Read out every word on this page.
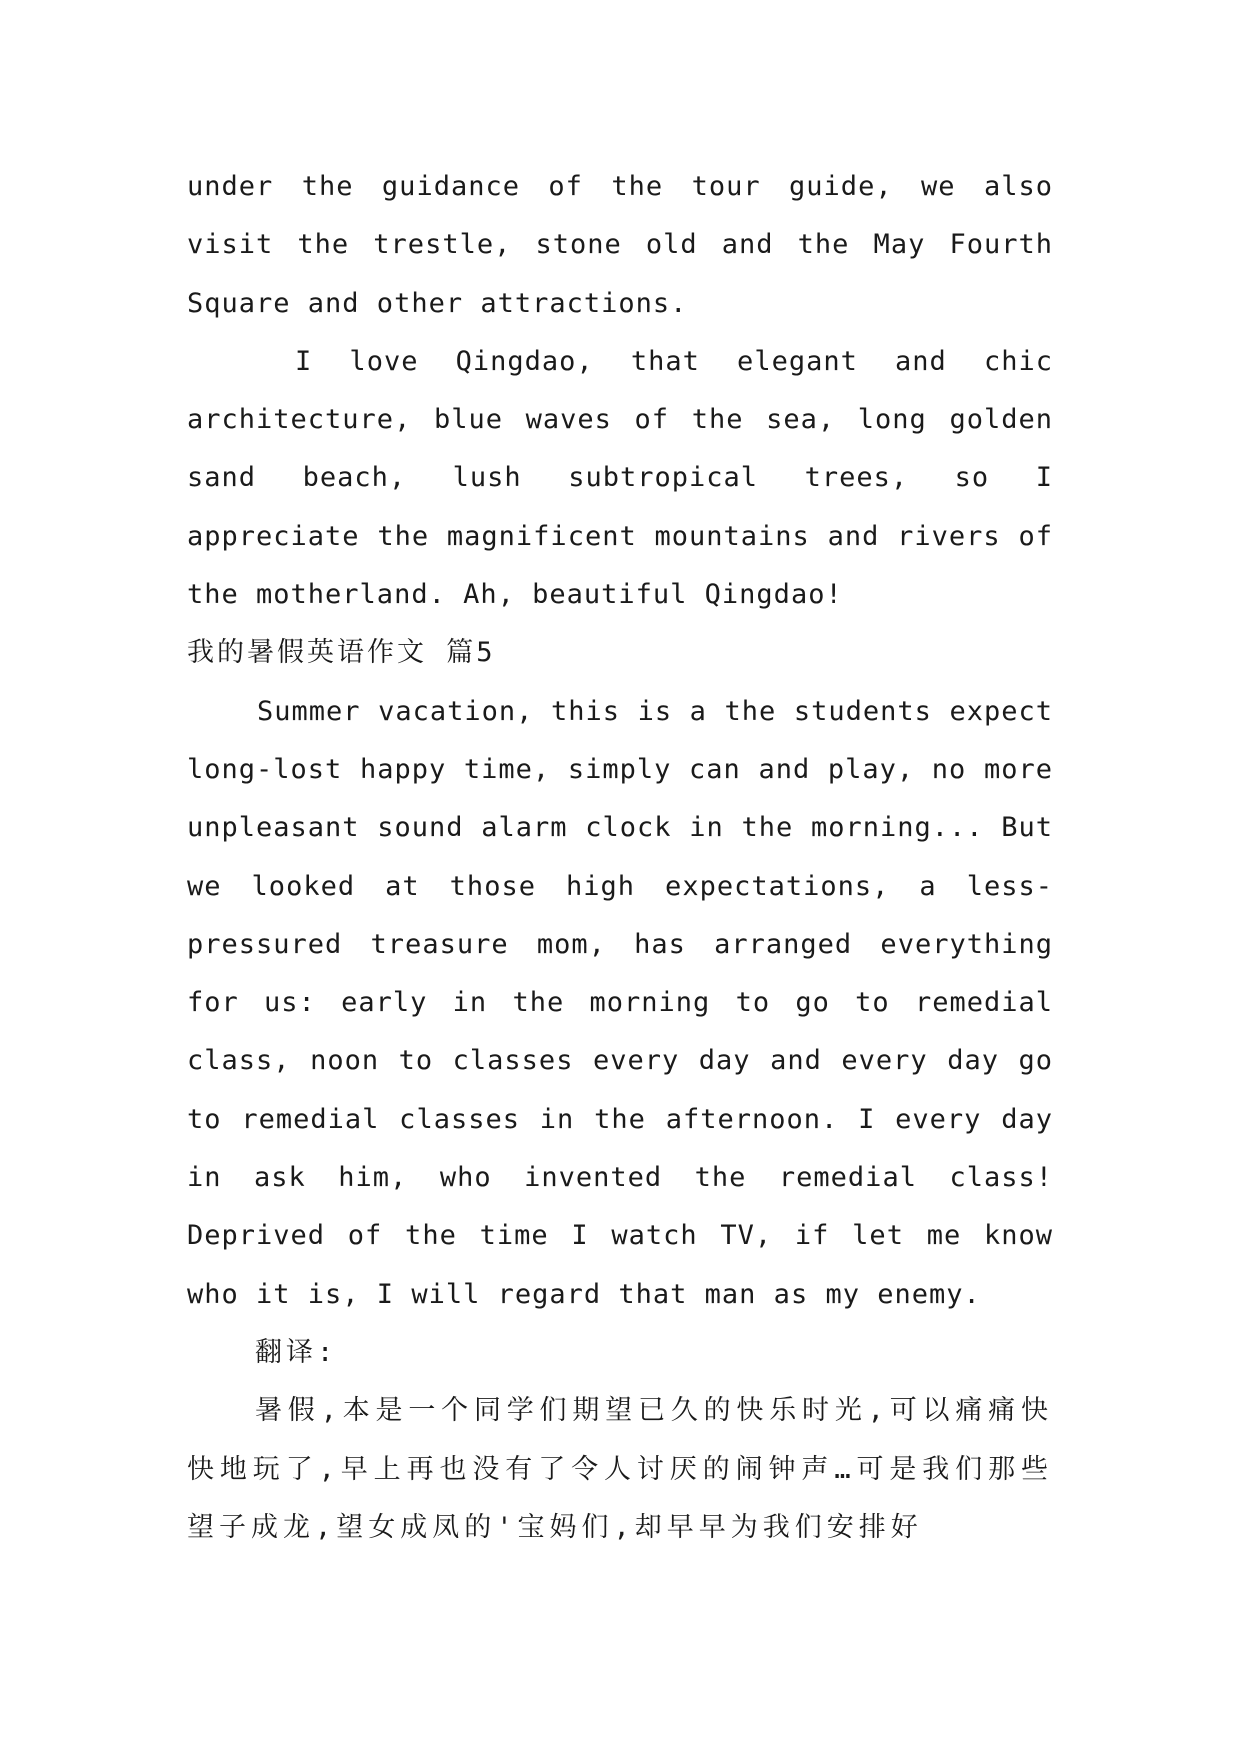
under the guidance of the tour guide, we also visit the trestle, stone old and the May Fourth Square and other attractions.

I love Qingdao, that elegant and chic architecture, blue waves of the sea, long golden sand beach, lush subtropical trees, so I appreciate the magnificent mountains and rivers of the motherland. Ah, beautiful Qingdao!

我的暑假英语作文 篇5

Summer vacation, this is a the students expect long-lost happy time, simply can and play, no more unpleasant sound alarm clock in the morning... But we looked at those high expectations, a less-pressured treasure mom, has arranged everything for us: early in the morning to go to remedial class, noon to classes every day and every day go to remedial classes in the afternoon. I every day in ask him, who invented the remedial class! Deprived of the time I watch TV, if let me know who it is, I will regard that man as my enemy.

翻译:

暑假,本是一个同学们期望已久的快乐时光,可以痛痛快快地玩了,早上再也没有了令人讨厌的闹钟声…可是我们那些望子成龙,望女成凤的'宝妈们,却早早为我们安排好
